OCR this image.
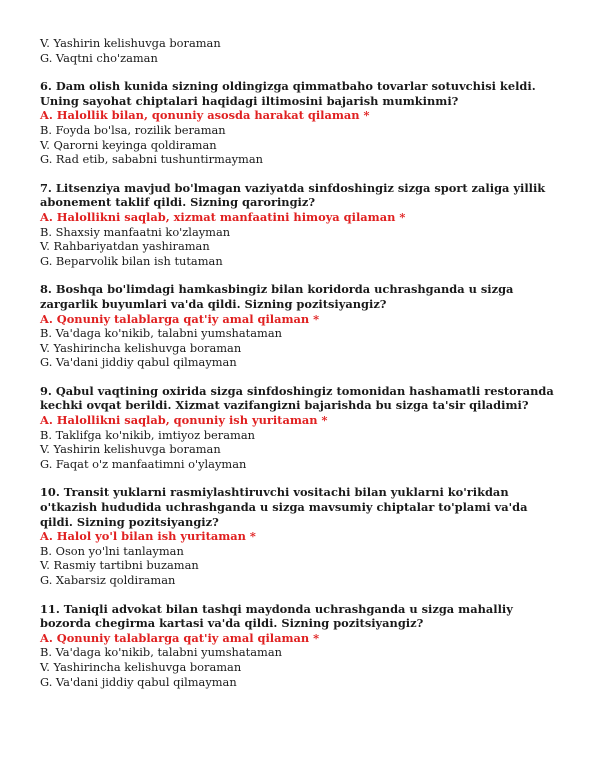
V. Yashirin kelishuvga boraman
G. Vaqtni cho'zaman
6. Dam olish kunida sizning oldingizga qimmatbaho tovarlar sotuvchisi keldi. Uning sayohat chiptalari haqidagi iltimosini bajarish mumkinmi?
A. Halollik bilan, qonuniy asosda harakat qilaman *
B. Foyda bo'lsa, rozilik beraman
V. Qarorni keyinga qoldiraman
G. Rad etib, sababni tushuntirmayman
7. Litsenziya mavjud bo'lmagan vaziyatda sinfdoshingiz sizga sport zaliga yillik abonement taklif qildi. Sizning qaroringiz?
A. Halollikni saqlab, xizmat manfaatini himoya qilaman *
B. Shaxsiy manfaatni ko'zlayman
V. Rahbariyatdan yashiraman
G. Beparvolik bilan ish tutaman
8. Boshqa bo'limdagi hamkasbingiz bilan koridorda uchrashganda u sizga zargarlik buyumlari va'da qildi. Sizning pozitsiyangiz?
A. Qonuniy talablarga qat'iy amal qilaman *
B. Va'daga ko'nikib, talabni yumshataman
V. Yashirincha kelishuvga boraman
G. Va'dani jiddiy qabul qilmayman
9. Qabul vaqtining oxirida sizga sinfdoshingiz tomonidan hashamatli restoranda kechki ovqat berildi. Xizmat vazifangizni bajarishda bu sizga ta'sir qiladimi?
A. Halollikni saqlab, qonuniy ish yuritaman *
B. Taklifga ko'nikib, imtiyoz beraman
V. Yashirin kelishuvga boraman
G. Faqat o'z manfaatimni o'ylayman
10. Transit yuklarni rasmiylashtiruvchi vositachi bilan yuklarni ko'rikdan o'tkazish hududida uchrashganda u sizga mavsumiy chiptalar to'plami va'da qildi. Sizning pozitsiyangiz?
A. Halol yo'l bilan ish yuritaman *
B. Oson yo'lni tanlayman
V. Rasmiy tartibni buzaman
G. Xabarsiz qoldiraman
11. Taniqli advokat bilan tashqi maydonda uchrashganda u sizga mahalliy bozorda chegirma kartasi va'da qildi. Sizning pozitsiyangiz?
A. Qonuniy talablarga qat'iy amal qilaman *
B. Va'daga ko'nikib, talabni yumshataman
V. Yashirincha kelishuvga boraman
G. Va'dani jiddiy qabul qilmayman
